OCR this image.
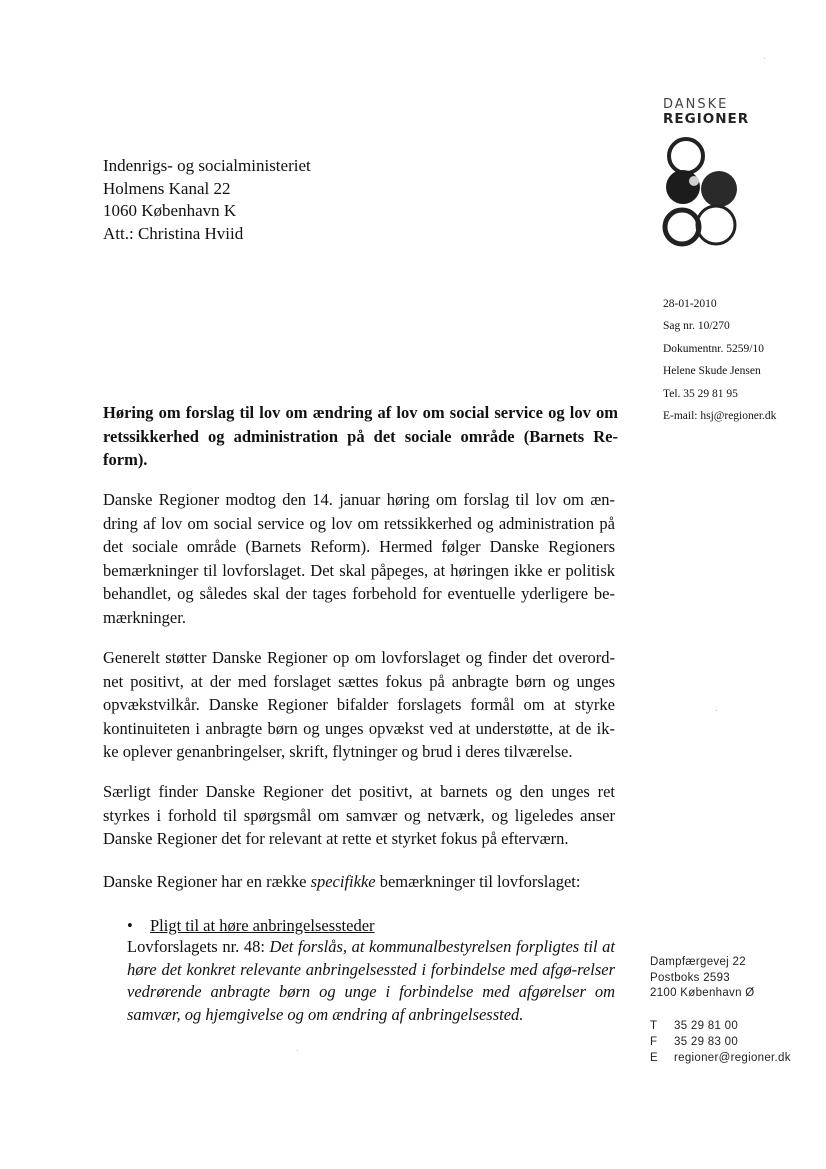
DANSKE
REGIONER
Indenrigs- og socialministeriet
Holmens Kanal 22
1060 København K
Att.: Christina Hviid
28-01-2010
Sag nr. 10/270
Dokumentnr. 5259/10
Helene Skude Jensen
Tel. 35 29 81 95
E-mail: hsj@regioner.dk
Høring om forslag til lov om ændring af lov om social service og lov om retssikkerhed og administration på det sociale område (Barnets Re-form).

Danske Regioner modtog den 14. januar høring om forslag til lov om æn-dring af lov om social service og lov om retssikkerhed og administration på det sociale område (Barnets Reform). Hermed følger Danske Regioners bemærkninger til lovforslaget. Det skal påpeges, at høringen ikke er politisk behandlet, og således skal der tages forbehold for eventuelle yderligere be-mærkninger.

Generelt støtter Danske Regioner op om lovforslaget og finder det overord-net positivt, at der med forslaget sættes fokus på anbragte børn og unges opvækstvilkår. Danske Regioner bifalder forslagets formål om at styrke kontinuiteten i anbragte børn og unges opvækst ved at understøtte, at de ik-ke oplever genanbringelser, skrift, flytninger og brud i deres tilværelse.

Særligt finder Danske Regioner det positivt, at barnets og den unges ret styrkes i forhold til spørgsmål om samvær og netværk, og ligeledes anser Danske Regioner det for relevant at rette et styrket fokus på efterværn.

Danske Regioner har en række specifikke bemærkninger til lovforslaget:

• Pligt til at høre anbringelsessteder

Lovforslagets nr. 48: Det forslås, at kommunalbestyrelsen forpligtes til at høre det konkret relevante anbringelsessted i forbindelse med afgø-relser vedrørende anbragte børn og unge i forbindelse med afgørelser om samvær, og hjemgivelse og om ændring af anbringelsessted.

Dampfærgevej 22
Postboks 2593
2100 København Ø
T 35 29 81 00
F 35 29 83 00
E regioner@regioner.dk
